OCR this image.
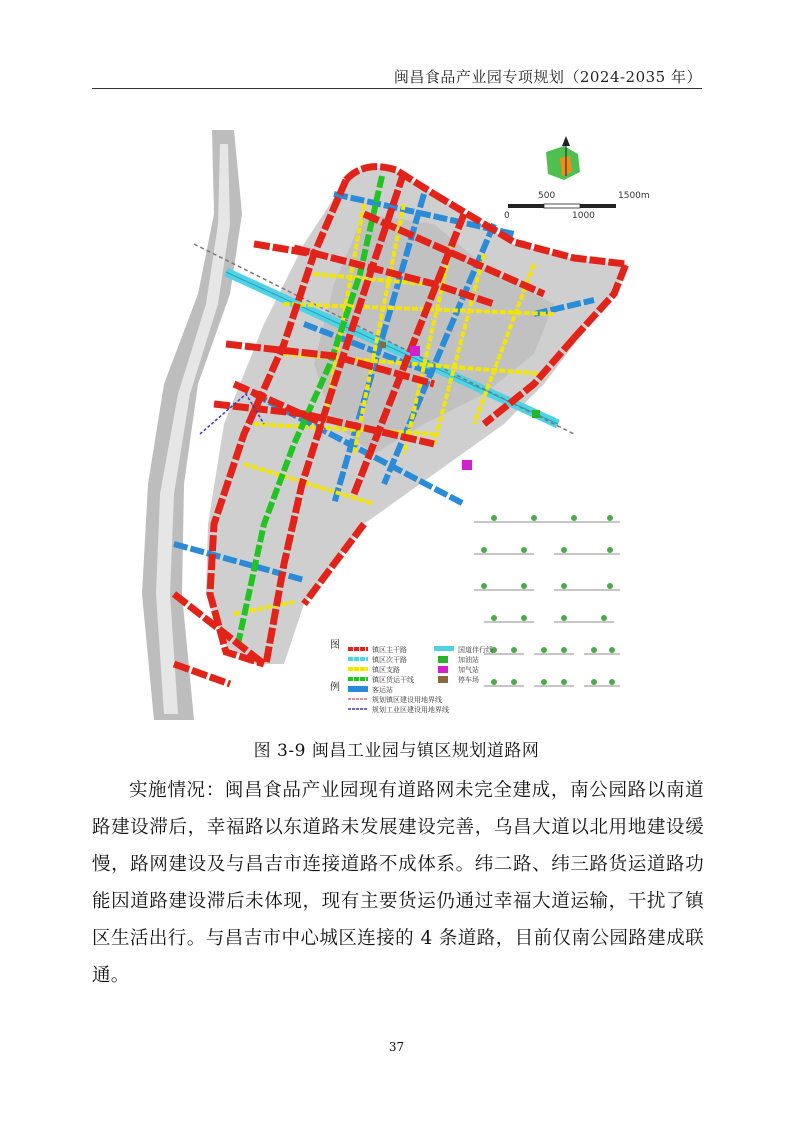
闽昌食品产业园专项规划（2024-2035 年）
0
500
1000
1500m
图
例
镇区主干路
镇区次干路
镇区支路
镇区货运干线
客运站
规划镇区建设用地界线
规划工业区建设用地界线
国道伴行线
加油站
加气站
停车场
图 3-9 闽昌工业园与镇区规划道路网

实施情况：闽昌食品产业园现有道路网未完全建成，南公园路以南道路建设滞后，幸福路以东道路未发展建设完善，乌昌大道以北用地建设缓慢，路网建设及与昌吉市连接道路不成体系。纬二路、纬三路货运道路功能因道路建设滞后未体现，现有主要货运仍通过幸福大道运输，干扰了镇区生活出行。与昌吉市中心城区连接的 4 条道路，目前仅南公园路建成联通。

37
